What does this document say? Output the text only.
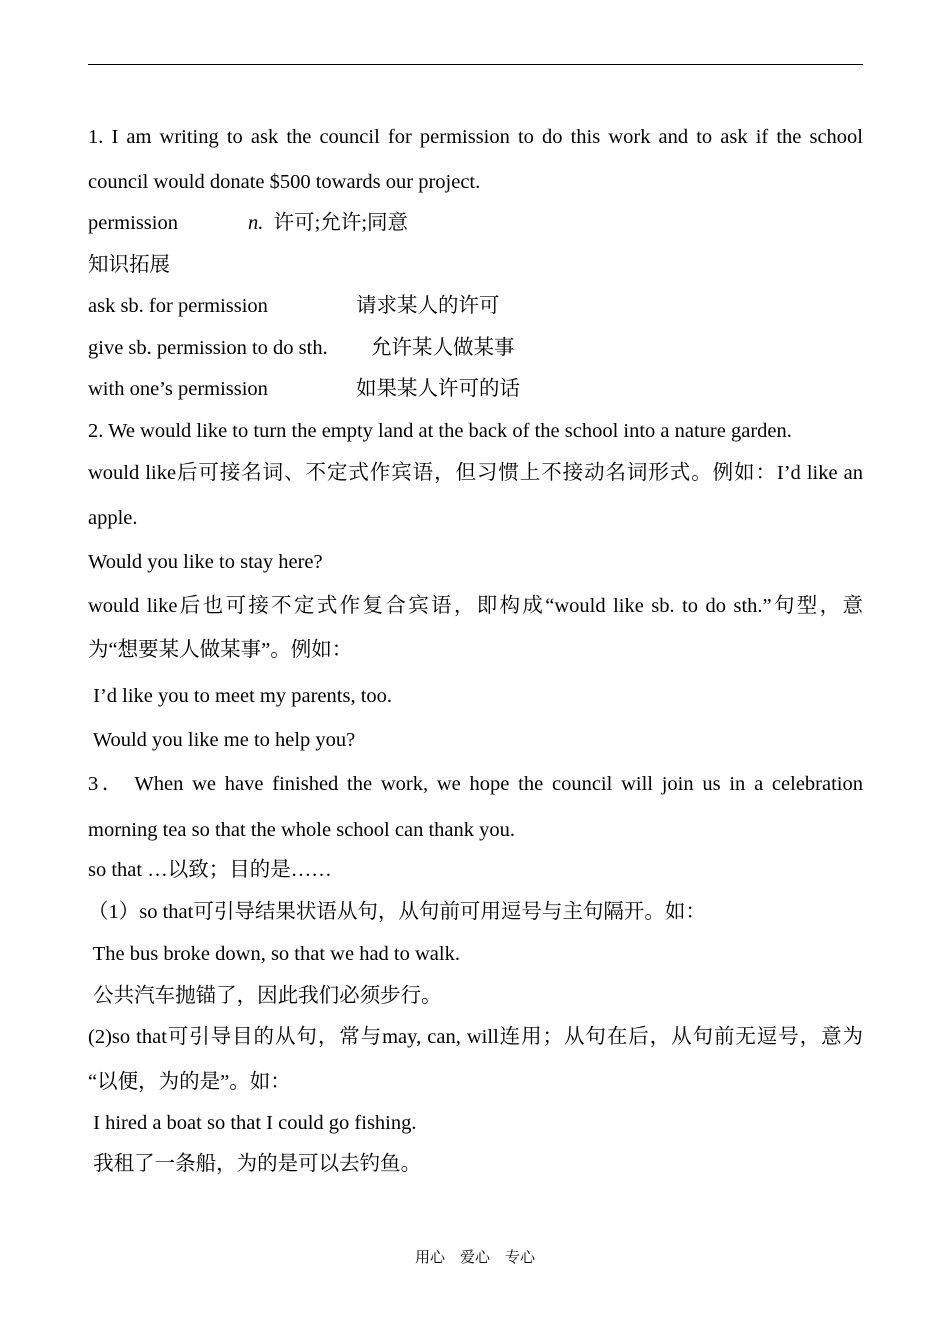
1. I am writing to ask the council for permission to do this work and to ask if the school
council would donate $500 towards our project.
permission	n. 许可;允许;同意
知识拓展
ask sb. for permission	请求某人的许可
give sb. permission to do sth. 允许某人做某事
with one’s permission	如果某人许可的话
2. We would like to turn the empty land at the back of the school into a nature garden.
would like后可接名词、不定式作宾语，但习惯上不接动名词形式。例如：I’d like an
apple.
Would you like to stay here?
would like后也可接不定式作复合宾语，即构成“would like sb. to do sth.”句型，意
为“想要某人做某事”。例如：
I’d like you to meet my parents, too.
Would you like me to help you?
3． When we have finished the work, we hope the council will join us in a celebration
morning tea so that the whole school can thank you.
so that …以致；目的是……
（1）so that可引导结果状语从句，从句前可用逗号与主句隔开。如：
The bus broke down, so that we had to walk.
公共汽车抛锚了，因此我们必须步行。
(2)so that可引导目的从句，常与may, can, will连用；从句在后，从句前无逗号，意为
“以便，为的是”。如：
I hired a boat so that I could go fishing.
我租了一条船，为的是可以去钓鱼。
用心　爱心　专心
